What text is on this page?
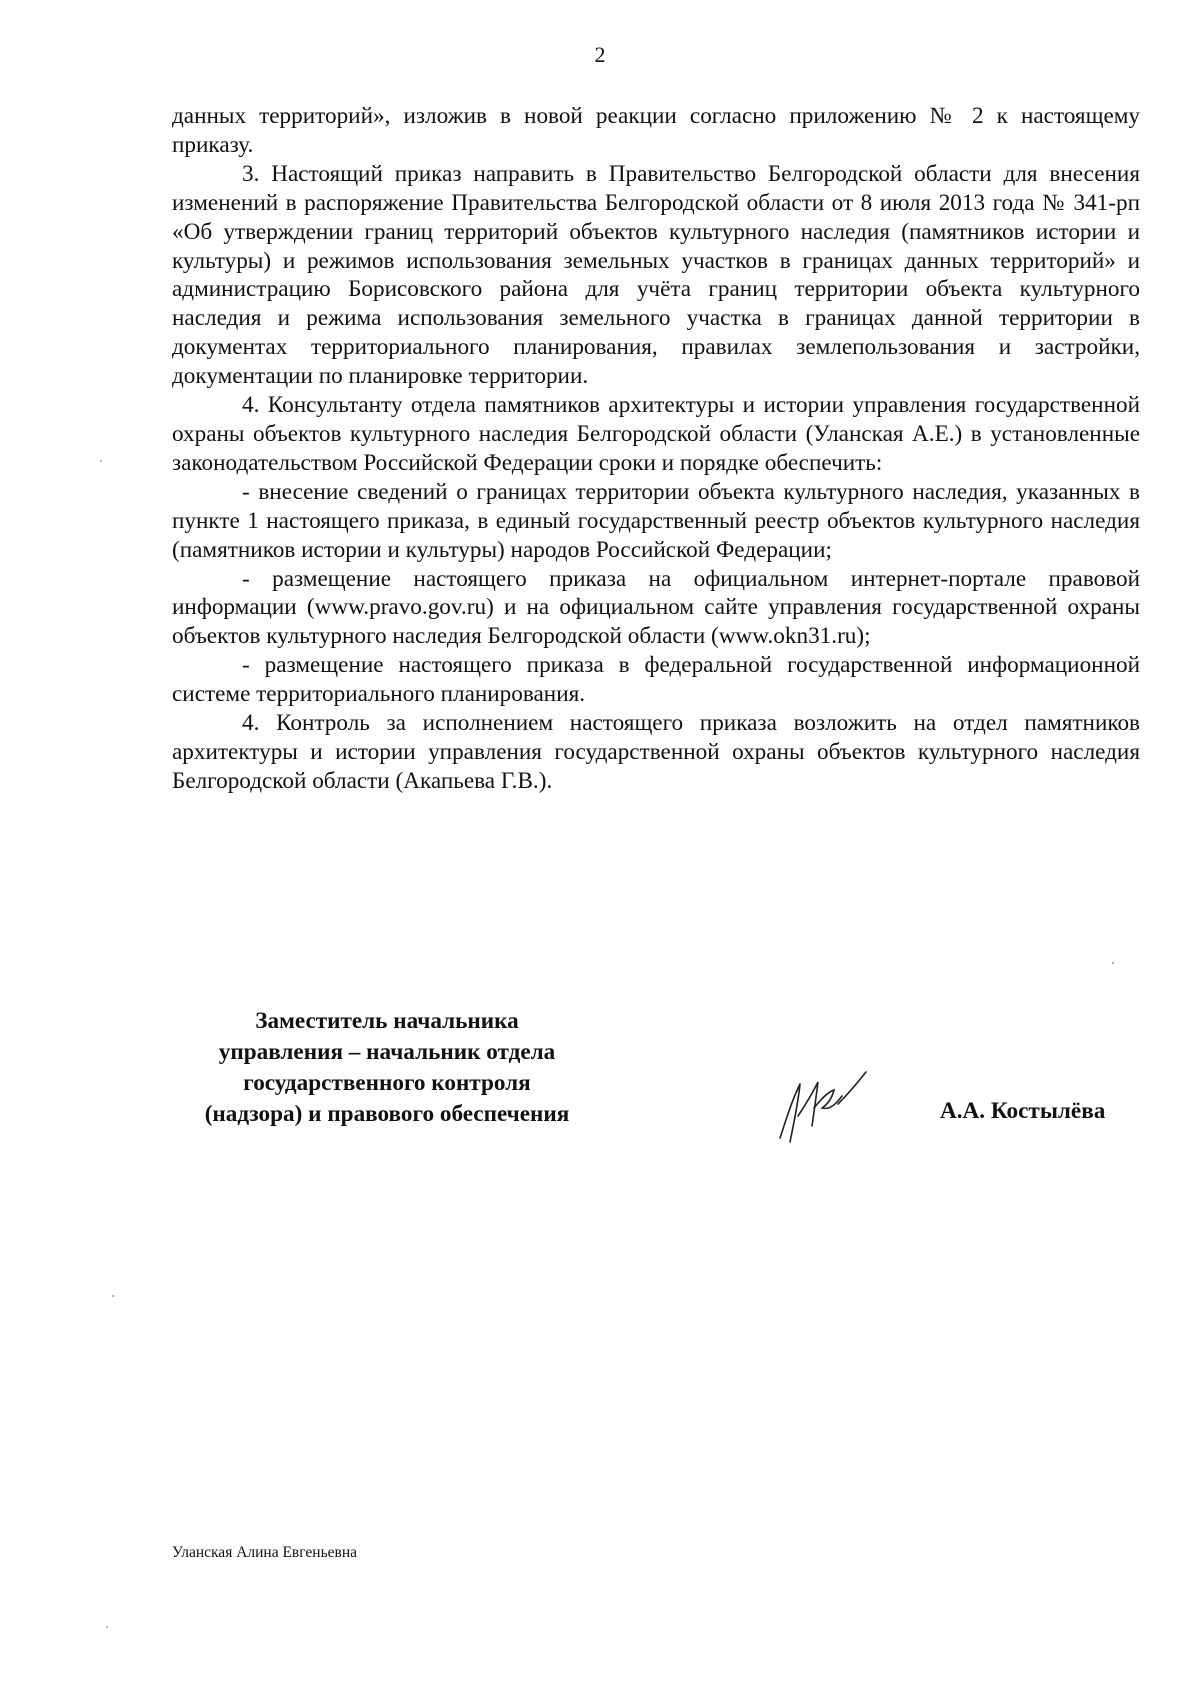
2

данных территорий», изложив в новой реакции согласно приложению № 2 к настоящему приказу.

3. Настоящий приказ направить в Правительство Белгородской области для внесения изменений в распоряжение Правительства Белгородской области от 8 июля 2013 года № 341-рп «Об утверждении границ территорий объектов культурного наследия (памятников истории и культуры) и режимов использования земельных участков в границах данных территорий» и администрацию Борисовского района для учёта границ территории объекта культурного наследия и режима использования земельного участка в границах данной территории в документах территориального планирования, правилах землепользования и застройки, документации по планировке территории.

4. Консультанту отдела памятников архитектуры и истории управления государственной охраны объектов культурного наследия Белгородской области (Уланская А.Е.) в установленные законодательством Российской Федерации сроки и порядке обеспечить:

- внесение сведений о границах территории объекта культурного наследия, указанных в пункте 1 настоящего приказа, в единый государственный реестр объектов культурного наследия (памятников истории и культуры) народов Российской Федерации;

- размещение настоящего приказа на официальном интернет-портале правовой информации (www.pravo.gov.ru) и на официальном сайте управления государственной охраны объектов культурного наследия Белгородской области (www.okn31.ru);

- размещение настоящего приказа в федеральной государственной информационной системе территориального планирования.

4. Контроль за исполнением настоящего приказа возложить на отдел памятников архитектуры и истории управления государственной охраны объектов культурного наследия Белгородской области (Акапьева Г.В.).

Заместитель начальника
управления – начальник отдела
государственного контроля
(надзора) и правового обеспечения	А.А. Костылёва
Уланская Алина Евгеньевна
